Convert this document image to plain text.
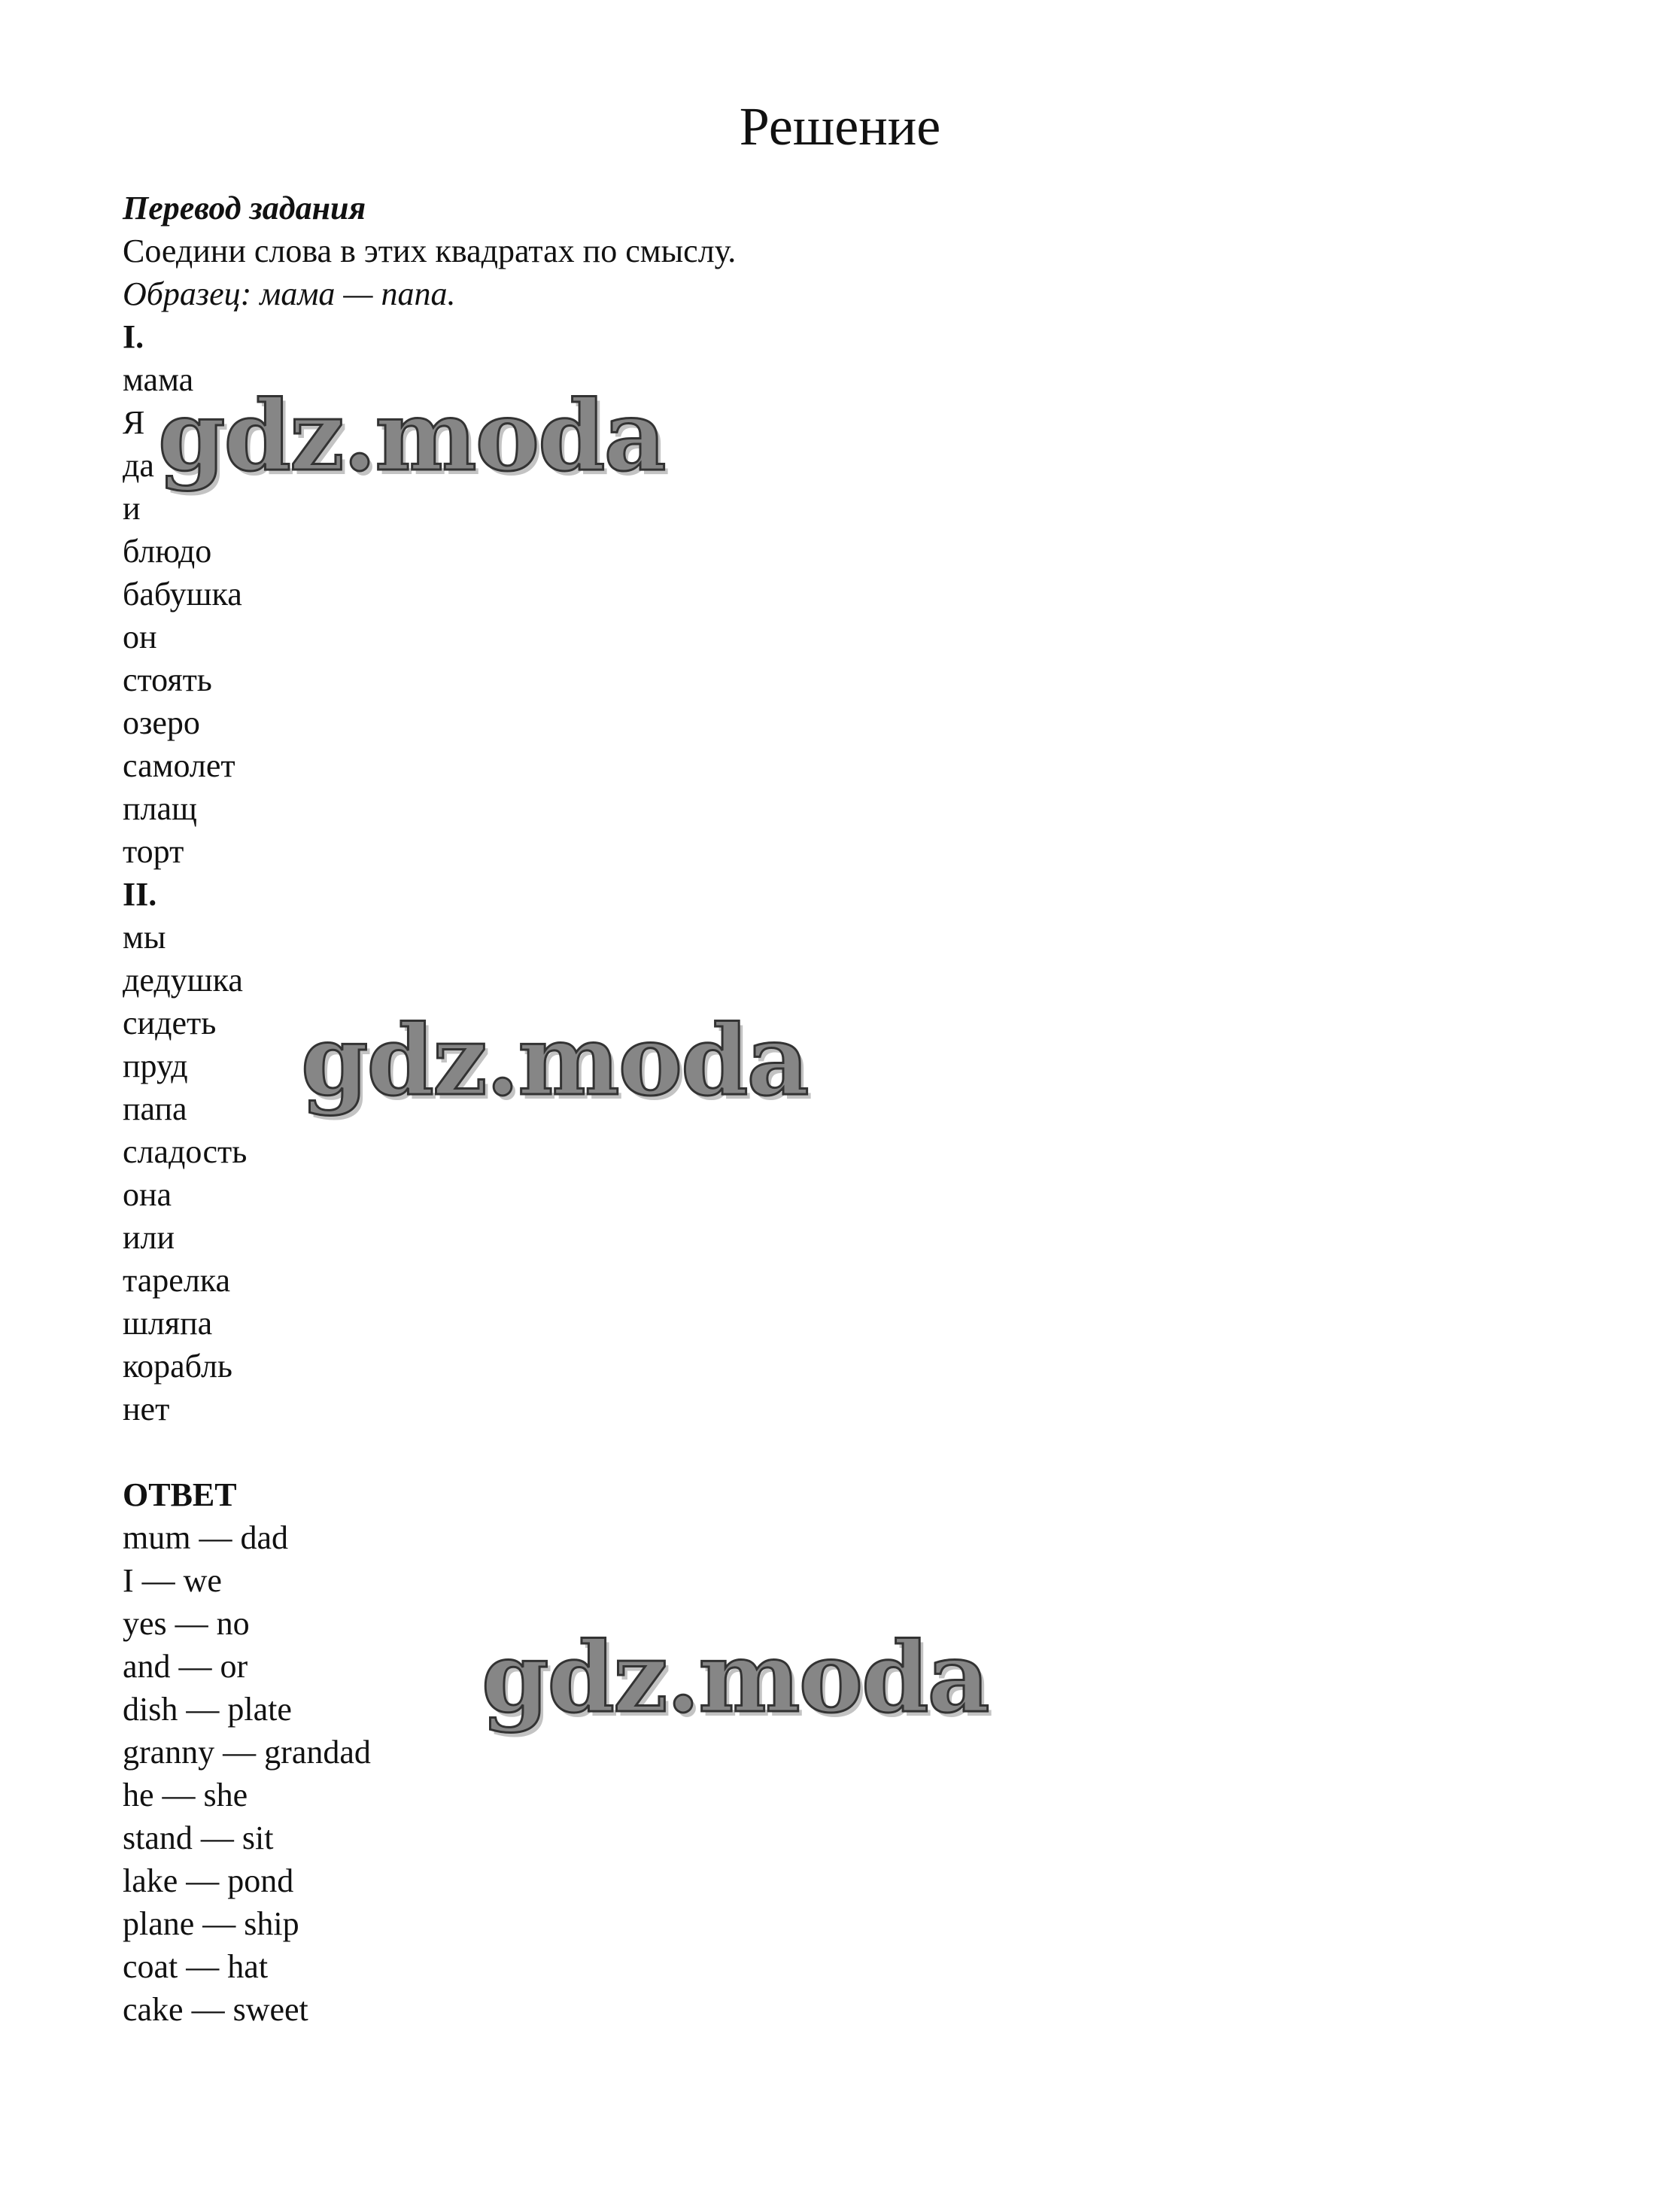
Решение
Перевод задания
Соедини слова в этих квадратах по смыслу.
Образец: мама — папа.
I.
мама
Я
да
и
блюдо
бабушка
он
стоять
озеро
самолет
плащ
торт
II.
мы
дедушка
сидеть
пруд
папа
сладость
она
или
тарелка
шляпа
корабль
нет
ОТВЕТ
mum — dad
I — we
yes — no
and — or
dish — plate
granny — grandad
he — she
stand — sit
lake — pond
plane — ship
coat — hat
cake — sweet
gdz.moda
gdz.moda
gdz.moda
